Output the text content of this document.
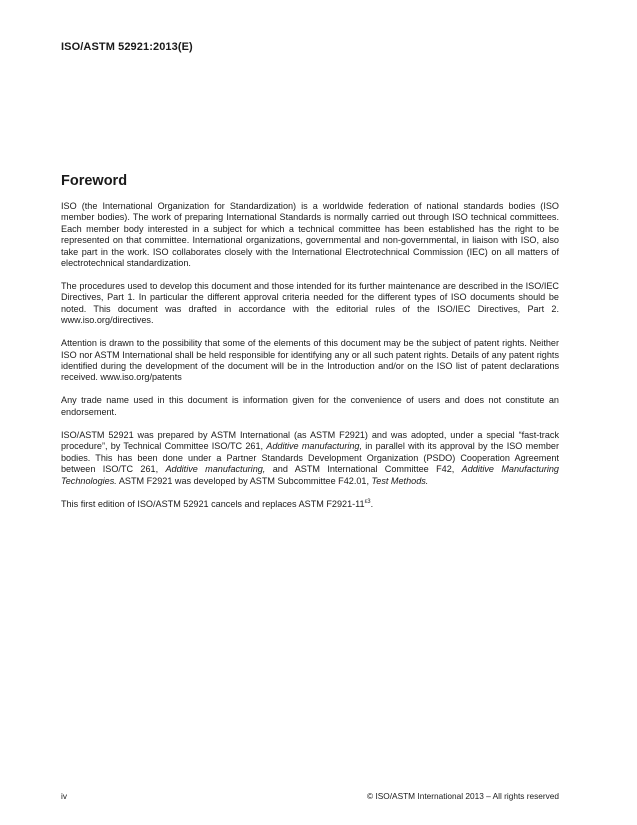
ISO/ASTM 52921:2013(E)
Foreword

ISO (the International Organization for Standardization) is a worldwide federation of national standards bodies (ISO member bodies). The work of preparing International Standards is normally carried out through ISO technical committees. Each member body interested in a subject for which a technical committee has been established has the right to be represented on that committee. International organizations, governmental and non-governmental, in liaison with ISO, also take part in the work. ISO collaborates closely with the International Electrotechnical Commission (IEC) on all matters of electrotechnical standardization.

The procedures used to develop this document and those intended for its further maintenance are described in the ISO/IEC Directives, Part 1. In particular the different approval criteria needed for the different types of ISO documents should be noted. This document was drafted in accordance with the editorial rules of the ISO/IEC Directives, Part 2. www.iso.org/directives.

Attention is drawn to the possibility that some of the elements of this document may be the subject of patent rights. Neither ISO nor ASTM International shall be held responsible for identifying any or all such patent rights. Details of any patent rights identified during the development of the document will be in the Introduction and/or on the ISO list of patent declarations received. www.iso.org/patents

Any trade name used in this document is information given for the convenience of users and does not constitute an endorsement.

ISO/ASTM 52921 was prepared by ASTM International (as ASTM F2921) and was adopted, under a special “fast-track procedure”, by Technical Committee ISO/TC 261, Additive manufacturing, in parallel with its approval by the ISO member bodies. This has been done under a Partner Standards Development Organization (PSDO) Cooperation Agreement between ISO/TC 261, Additive manufacturing, and ASTM International Committee F42, Additive Manufacturing Technologies. ASTM F2921 was developed by ASTM Subcommittee F42.01, Test Methods.

This first edition of ISO/ASTM 52921 cancels and replaces ASTM $F2921-11^{\varepsilon 3}$.

iv	© ISO/ASTM International 2013 – All rights reserved
